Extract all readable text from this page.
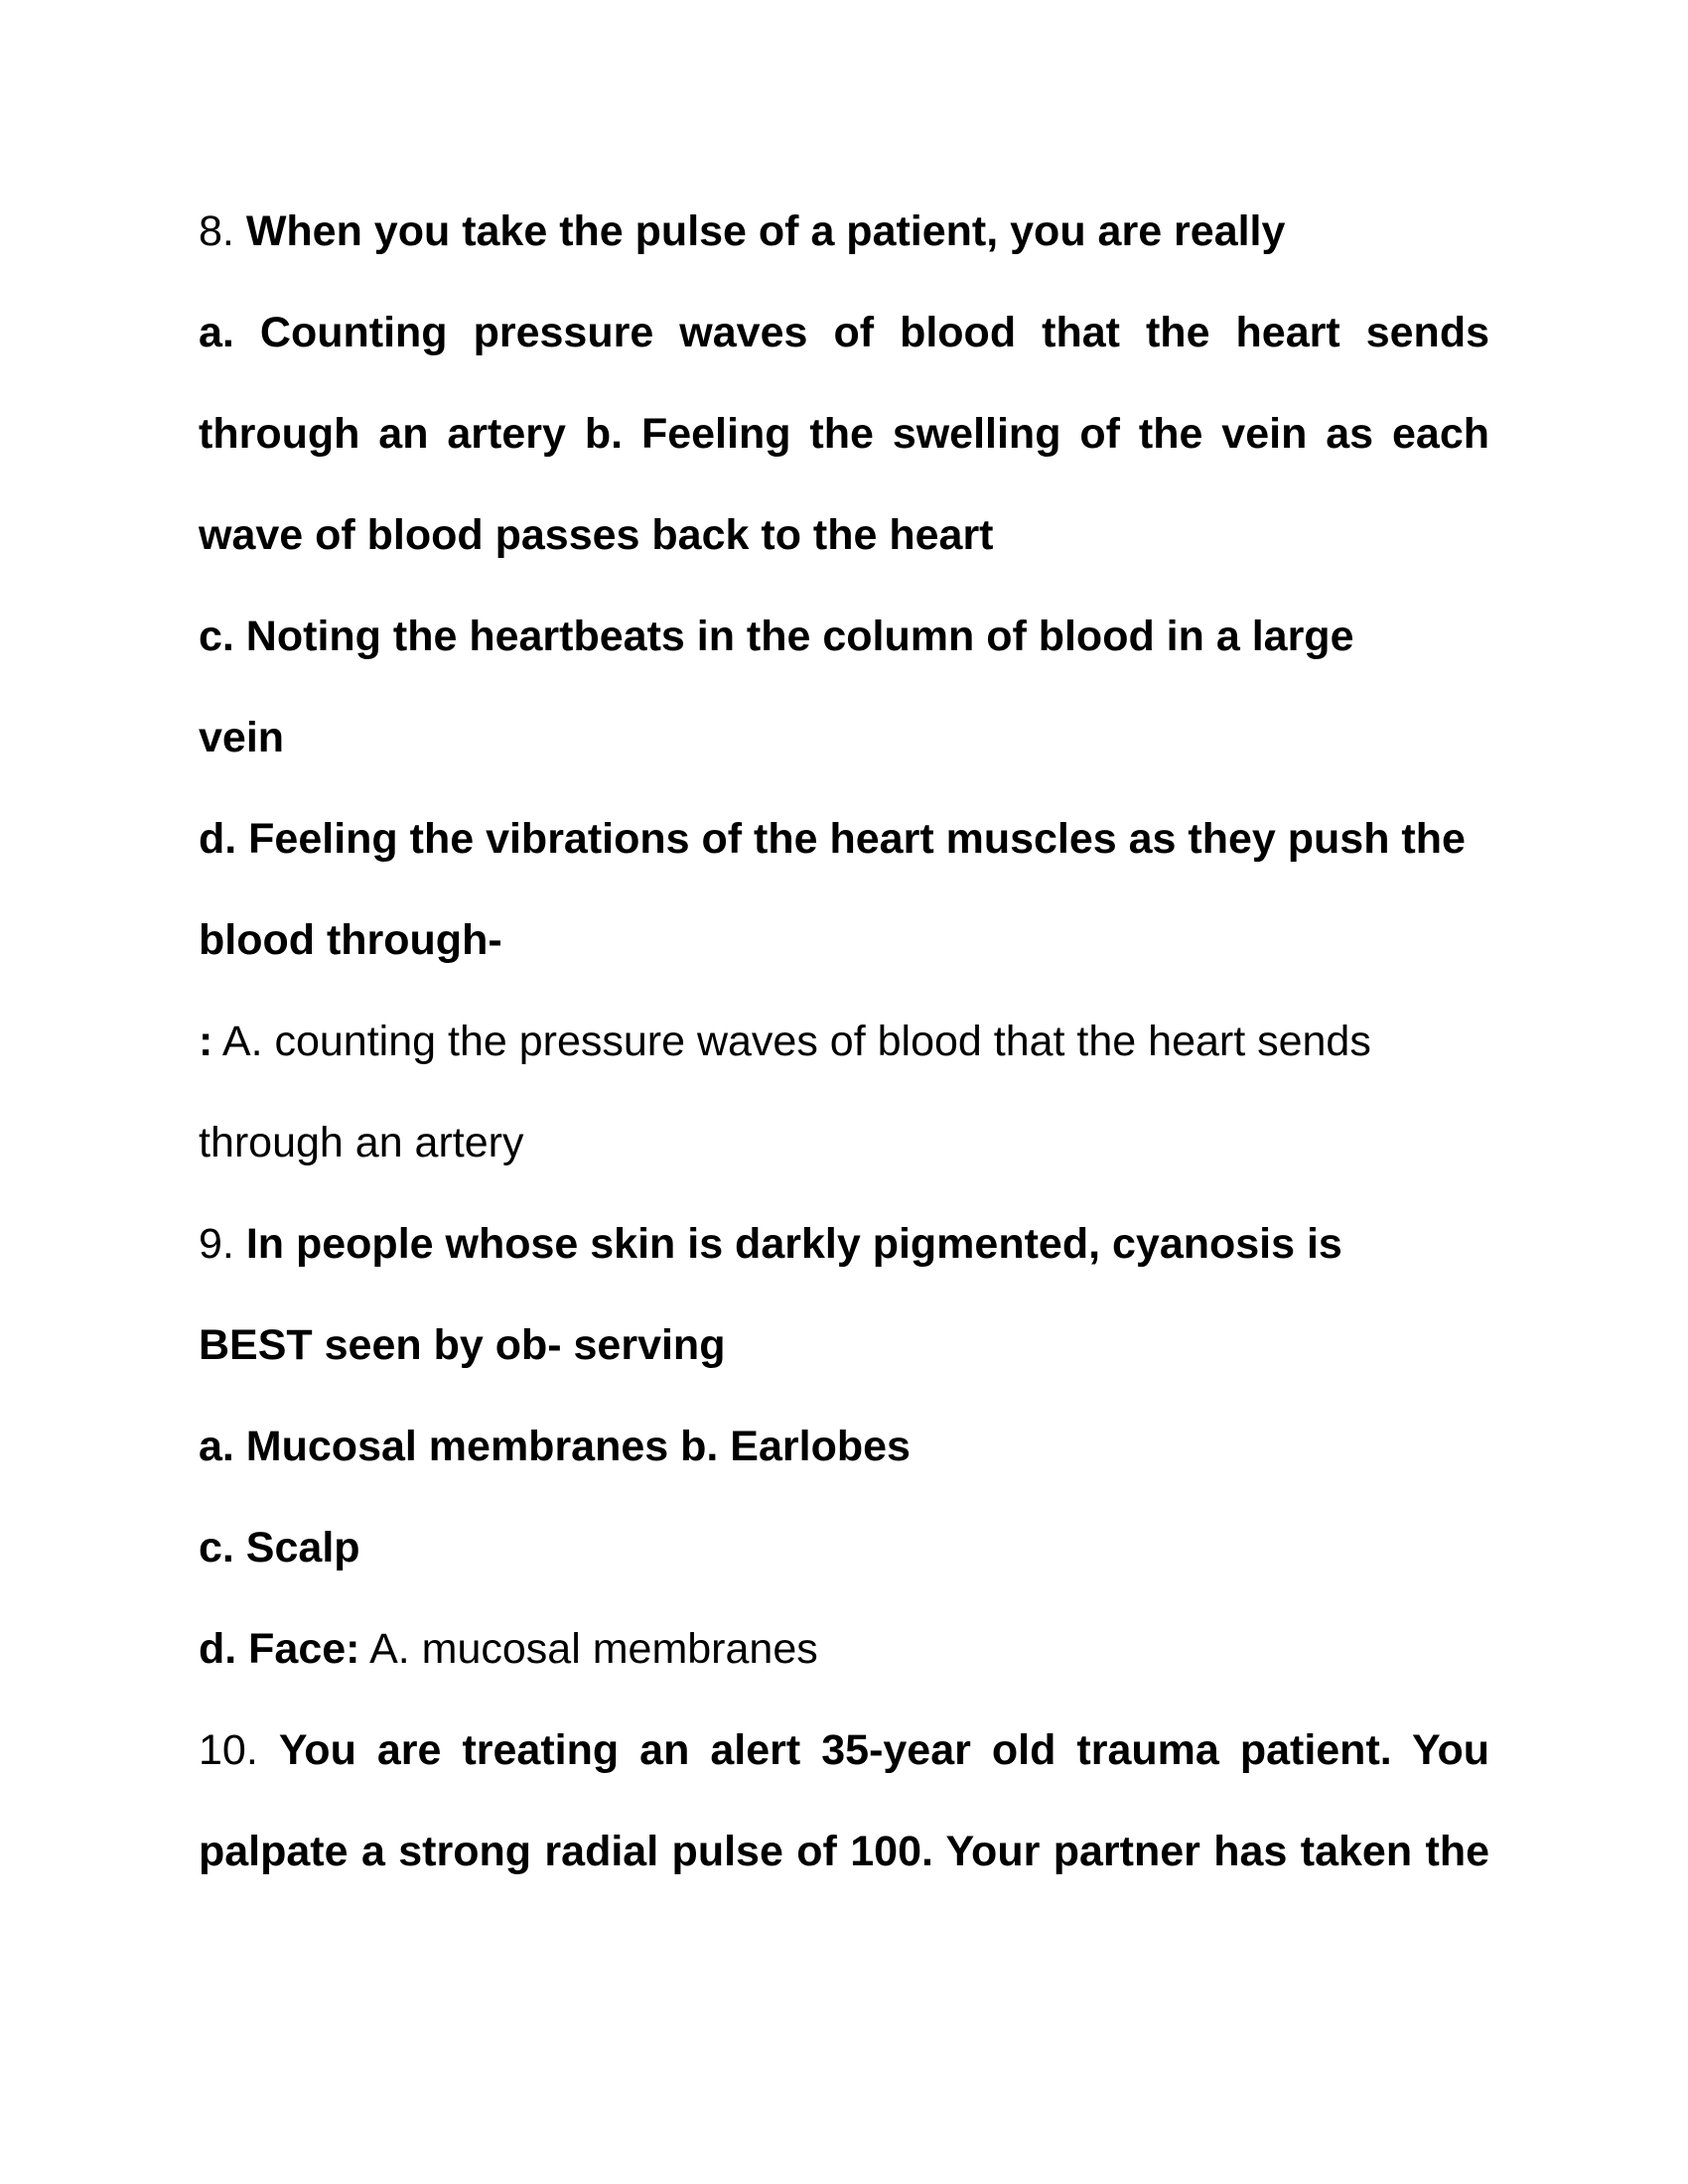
8. When you take the pulse of a patient, you are really
a. Counting pressure waves of blood that the heart sends
through an artery b. Feeling the swelling of the vein as each
wave of blood passes back to the heart
c. Noting the heartbeats in the column of blood in a large
vein
d. Feeling the vibrations of the heart muscles as they push the
blood through-
: A. counting the pressure waves of blood that the heart sends
through an artery
9. In people whose skin is darkly pigmented, cyanosis is
BEST seen by ob- serving
a. Mucosal membranes b. Earlobes
c. Scalp
d. Face: A. mucosal membranes
10. You are treating an alert 35-year old trauma patient. You
palpate a strong radial pulse of 100. Your partner has taken the
